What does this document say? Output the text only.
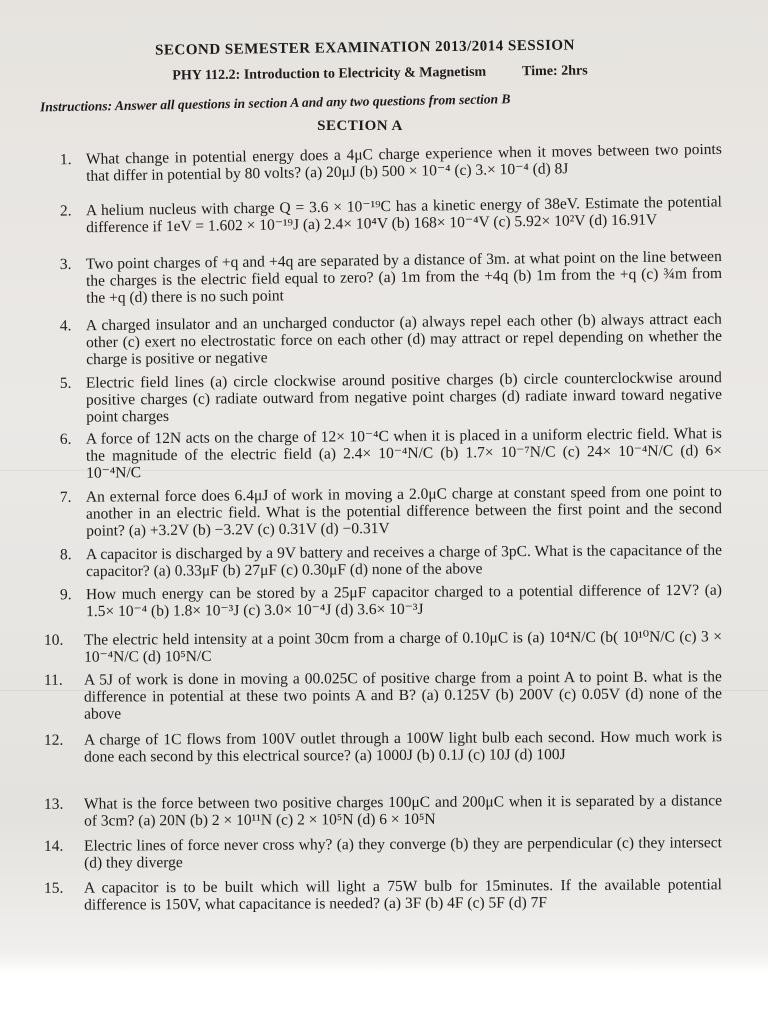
SECOND SEMESTER EXAMINATION 2013/2014 SESSION
PHY 112.2: Introduction to Electricity & Magnetism	Time: 2hrs
Instructions: Answer all questions in section A and any two questions from section B
SECTION A
1. What change in potential energy does a 4μC charge experience when it moves between two points that differ in potential by 80 volts? (a) 20μJ (b) 500 × 10⁻⁴ (c) 3.× 10⁻⁴ (d) 8J
2. A helium nucleus with charge Q = 3.6 × 10⁻¹⁹C has a kinetic energy of 38eV. Estimate the potential difference if 1eV = 1.602 × 10⁻¹⁹J (a) 2.4× 10⁴V (b) 168× 10⁻⁴V (c) 5.92× 10²V (d) 16.91V
3. Two point charges of +q and +4q are separated by a distance of 3m. at what point on the line between the charges is the electric field equal to zero? (a) 1m from the +4q (b) 1m from the +q (c) ¾m from the +q (d) there is no such point
4. A charged insulator and an uncharged conductor (a) always repel each other (b) always attract each other (c) exert no electrostatic force on each other (d) may attract or repel depending on whether the charge is positive or negative
5. Electric field lines (a) circle clockwise around positive charges (b) circle counterclockwise around positive charges (c) radiate outward from negative point charges (d) radiate inward toward negative point charges
6. A force of 12N acts on the charge of 12× 10⁻⁴C when it is placed in a uniform electric field. What is the magnitude of the electric field (a) 2.4× 10⁻⁴N/C (b) 1.7× 10⁻⁷N/C (c) 24× 10⁻⁴N/C (d) 6× 10⁻⁴N/C
7. An external force does 6.4μJ of work in moving a 2.0μC charge at constant speed from one point to another in an electric field. What is the potential difference between the first point and the second point? (a) +3.2V (b) −3.2V (c) 0.31V (d) −0.31V
8. A capacitor is discharged by a 9V battery and receives a charge of 3pC. What is the capacitance of the capacitor? (a) 0.33μF (b) 27μF (c) 0.30μF (d) none of the above
9. How much energy can be stored by a 25μF capacitor charged to a potential difference of 12V? (a) 1.5× 10⁻⁴ (b) 1.8× 10⁻³J (c) 3.0× 10⁻⁴J (d) 3.6× 10⁻³J
10.	The electric held intensity at a point 30cm from a charge of 0.10μC is (a) 10⁴N/C (b( 10¹⁰N/C (c) 3 × 10⁻⁴N/C (d) 10⁵N/C
11.	A 5J of work is done in moving a 00.025C of positive charge from a point A to point B. what is the difference in potential at these two points A and B? (a) 0.125V (b) 200V (c) 0.05V (d) none of the above
12.	A charge of 1C flows from 100V outlet through a 100W light bulb each second. How much work is done each second by this electrical source? (a) 1000J (b) 0.1J (c) 10J (d) 100J
13.	What is the force between two positive charges 100μC and 200μC when it is separated by a distance of 3cm? (a) 20N (b) 2 × 10¹¹N (c) 2 × 10⁵N (d) 6 × 10⁵N
14.	Electric lines of force never cross why? (a) they converge (b) they are perpendicular (c) they intersect (d) they diverge
15.	A capacitor is to be built which will light a 75W bulb for 15minutes. If the available potential difference is 150V, what capacitance is needed? (a) 3F (b) 4F (c) 5F (d) 7F
